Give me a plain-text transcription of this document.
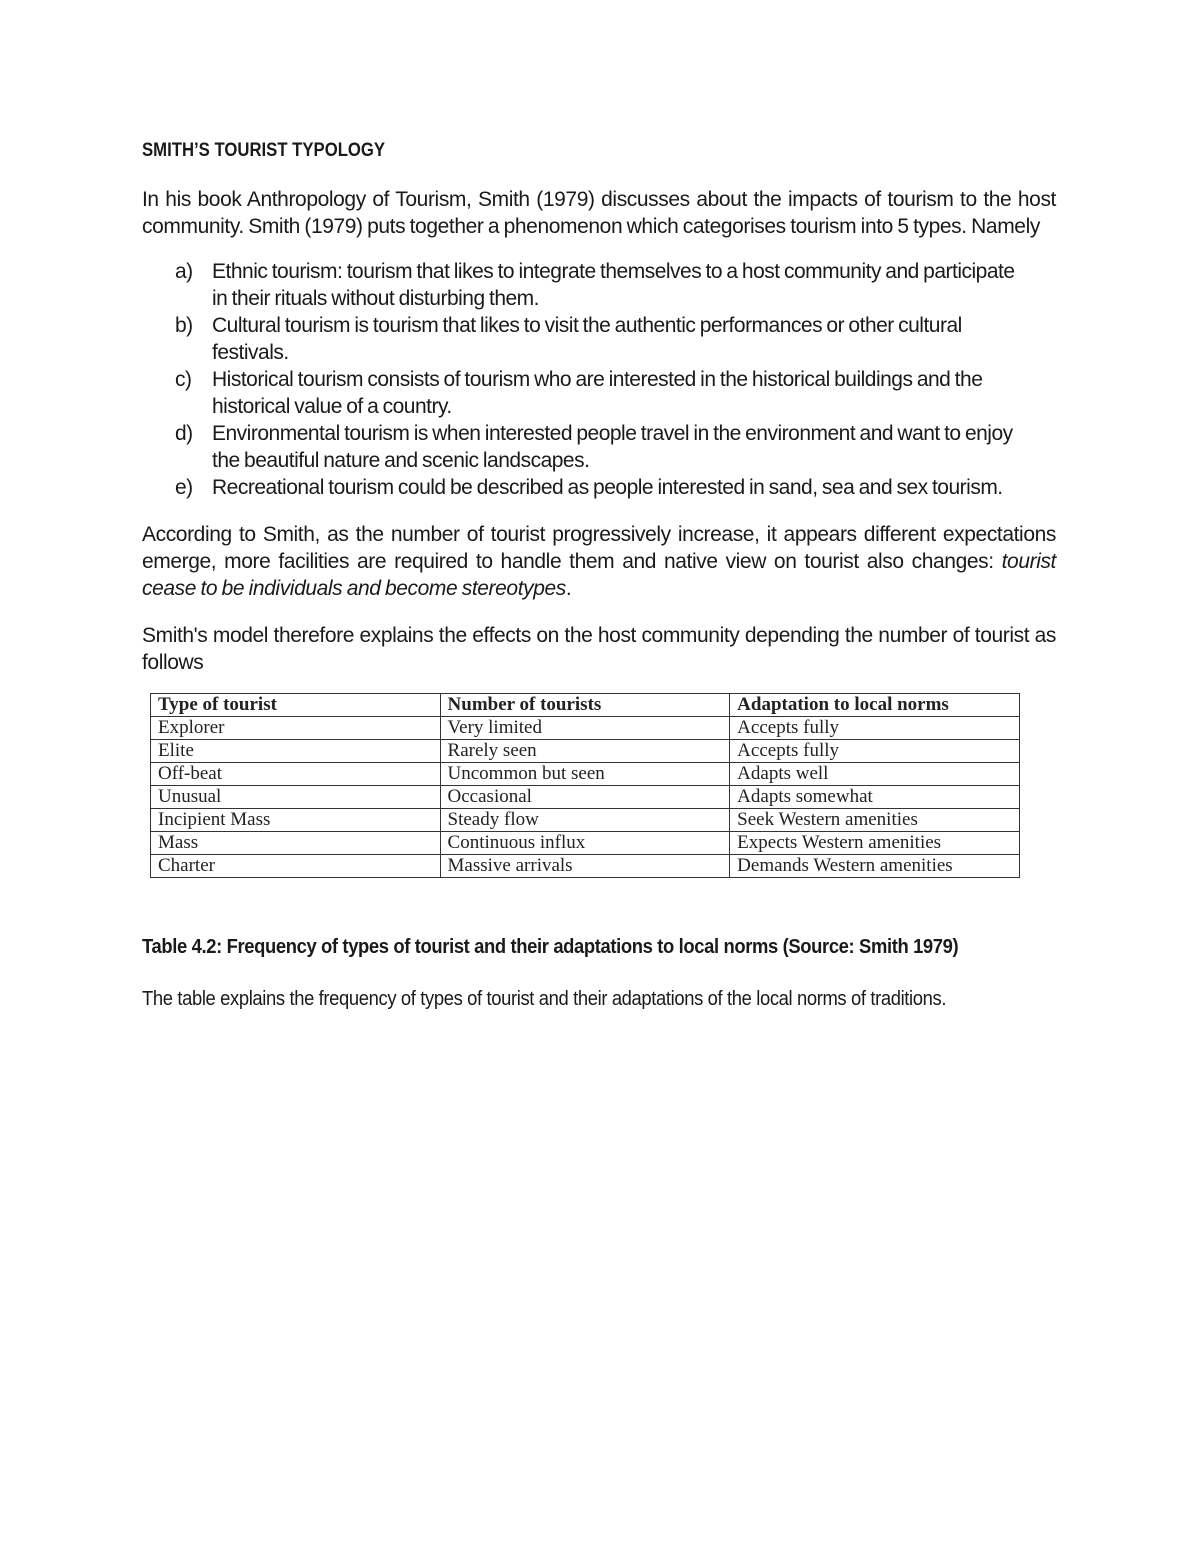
SMITH’S TOURIST TYPOLOGY

In his book Anthropology of Tourism, Smith (1979) discusses about the impacts of tourism to the host community. Smith (1979) puts together a phenomenon which categorises tourism into 5 types. Namely

a) Ethnic tourism: tourism that likes to integrate themselves to a host community and participate in their rituals without disturbing them.
b) Cultural tourism is tourism that likes to visit the authentic performances or other cultural festivals.
c) Historical tourism consists of tourism who are interested in the historical buildings and the historical value of a country.
d) Environmental tourism is when interested people travel in the environment and want to enjoy the beautiful nature and scenic landscapes.
e) Recreational tourism could be described as people interested in sand, sea and sex tourism.

According to Smith, as the number of tourist progressively increase, it appears different expectations emerge, more facilities are required to handle them and native view on tourist also changes: tourist cease to be individuals and become stereotypes.

Smith's model therefore explains the effects on the host community depending the number of tourist as follows

Type of tourist	Number of tourists	Adaptation to local norms
Explorer	Very limited	Accepts fully
Elite	Rarely seen	Accepts fully
Off-beat	Uncommon but seen	Adapts well
Unusual	Occasional	Adapts somewhat
Incipient Mass	Steady flow	Seek Western amenities
Mass	Continuous influx	Expects Western amenities
Charter	Massive arrivals	Demands Western amenities
Table 4.2: Frequency of types of tourist and their adaptations to local norms (Source: Smith 1979)
The table explains the frequency of types of tourist and their adaptations of the local norms of traditions.
